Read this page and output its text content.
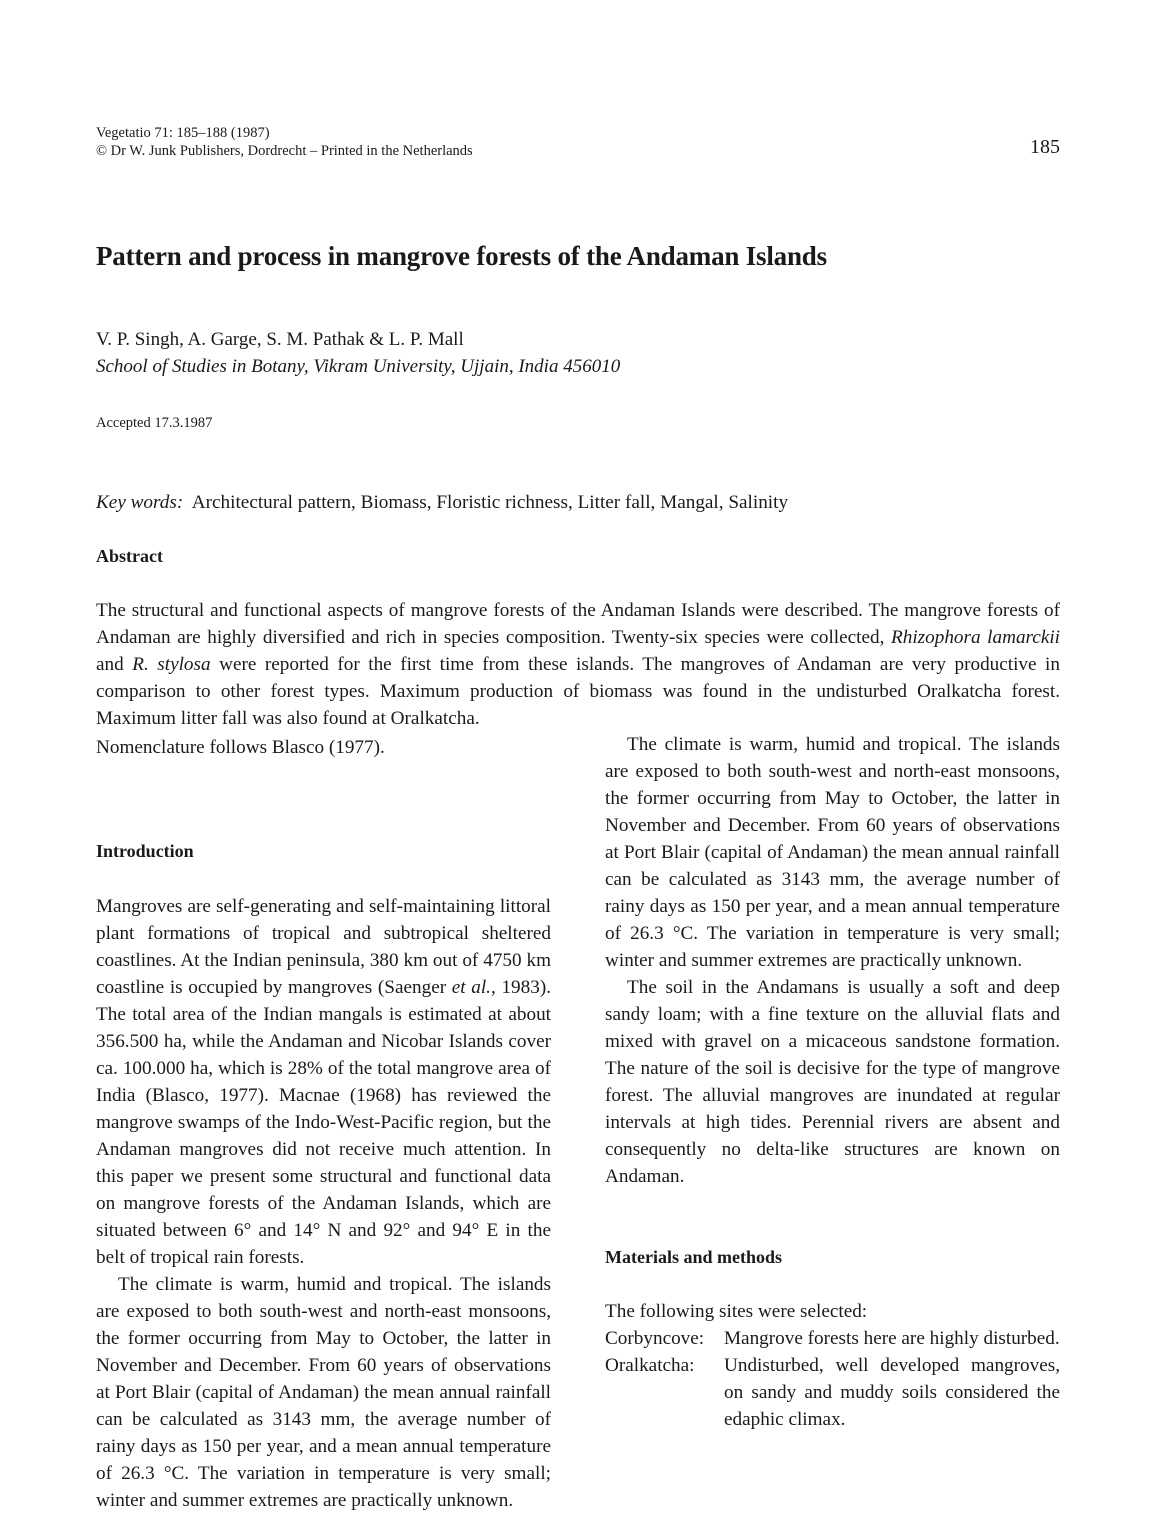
Vegetatio 71: 185–188 (1987)
© Dr W. Junk Publishers, Dordrecht – Printed in the Netherlands	185
Pattern and process in mangrove forests of the Andaman Islands
V. P. Singh, A. Garge, S. M. Pathak & L. P. Mall
School of Studies in Botany, Vikram University, Ujjain, India 456010
Accepted 17.3.1987
Key words: Architectural pattern, Biomass, Floristic richness, Litter fall, Mangal, Salinity
Abstract
The structural and functional aspects of mangrove forests of the Andaman Islands were described. The mangrove forests of Andaman are highly diversified and rich in species composition. Twenty-six species were collected, Rhizophora lamarckii and R. stylosa were reported for the first time from these islands. The mangroves of Andaman are very productive in comparison to other forest types. Maximum production of biomass was found in the undisturbed Oralkatcha forest. Maximum litter fall was also found at Oralkatcha.
Nomenclature follows Blasco (1977).
Introduction

Mangroves are self-generating and self-maintaining littoral plant formations of tropical and subtropical sheltered coastlines. At the Indian peninsula, 380 km out of 4750 km coastline is occupied by mangroves (Saenger et al., 1983). The total area of the Indian mangals is estimated at about 356.500 ha, while the Andaman and Nicobar Islands cover ca. 100.000 ha, which is 28% of the total mangrove area of India (Blasco, 1977). Macnae (1968) has reviewed the mangrove swamps of the Indo-West-Pacific region, but the Andaman mangroves did not receive much attention. In this paper we present some structural and functional data on mangrove forests of the Andaman Islands, which are situated between 6° and 14° N and 92° and 94° E in the belt of tropical rain forests.

The climate is warm, humid and tropical. The islands are exposed to both south-west and north-east monsoons, the former occurring from May to October, the latter in November and December. From 60 years of observations at Port Blair (capital of Andaman) the mean annual rainfall can be calculated as 3143 mm, the average number of rainy days as 150 per year, and a mean annual temperature of 26.3 °C. The variation in temperature is very small; winter and summer extremes are practically unknown.

The climate is warm, humid and tropical. The islands are exposed to both south-west and north-east monsoons, the former occurring from May to October, the latter in November and December. From 60 years of observations at Port Blair (capital of Andaman) the mean annual rainfall can be calculated as 3143 mm, the average number of rainy days as 150 per year, and a mean annual temperature of 26.3 °C. The variation in temperature is very small; winter and summer extremes are practically unknown.

The soil in the Andamans is usually a soft and deep sandy loam; with a fine texture on the alluvial flats and mixed with gravel on a micaceous sandstone formation. The nature of the soil is decisive for the type of mangrove forest. The alluvial mangroves are inundated at regular intervals at high tides. Perennial rivers are absent and consequently no delta-like structures are known on Andaman.

Materials and methods
The following sites were selected:
Corbyncove:	Mangrove forests here are highly disturbed.
Oralkatcha:	Undisturbed, well developed mangroves, on sandy and muddy soils considered the edaphic climax.
